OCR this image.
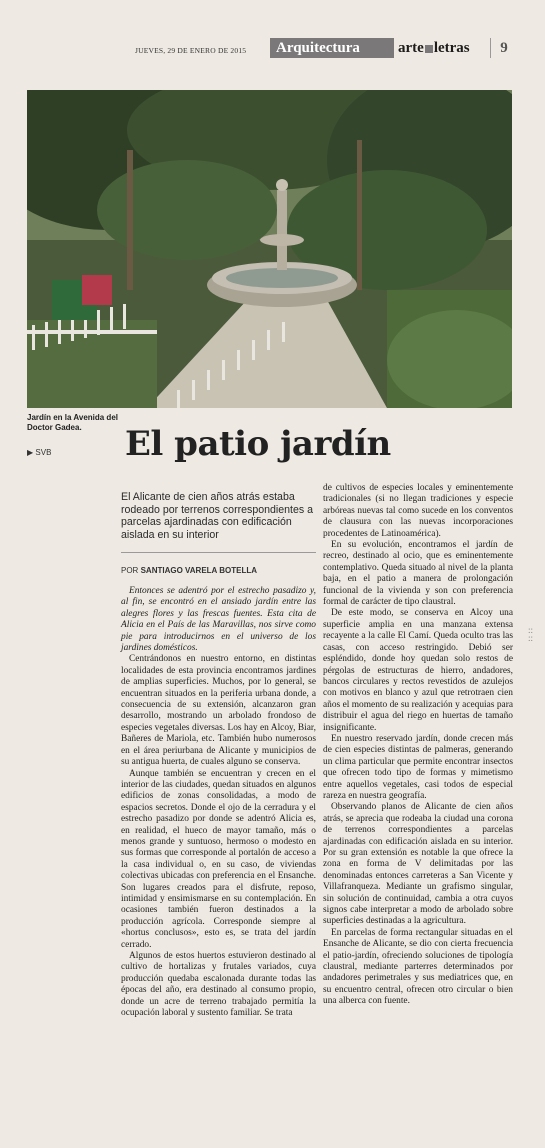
JUEVES, 29 DE ENERO DE 2015	Arquitectura	arte letras	9
Jardín en la Avenida del Doctor Gadea.
▶ SVB El patio jardín
El Alicante de cien años atrás estaba rodeado por terrenos correspondientes a parcelas ajardinadas con edificación aislada en su interior
POR SANTIAGO VARELA BOTELLA

Entonces se adentró por el estrecho pasadizo y, al fin, se encontró en el ansiado jardín entre las alegres flores y las frescas fuentes. Esta cita de Alicia en el País de las Maravillas, nos sirve como pie para introducirnos en el universo de los jardines domésticos.

Centrándonos en nuestro entorno, en distintas localidades de esta provincia encontramos jardines de amplias superficies. Muchos, por lo general, se encuentran situados en la periferia urbana donde, a consecuencia de su extensión, alcanzaron gran desarrollo, mostrando un arbolado frondoso de especies vegetales diversas. Los hay en Alcoy, Biar, Bañeres de Mariola, etc. También hubo numerosos en el área periurbana de Alicante y municipios de su antigua huerta, de cuales alguno se conserva.

Aunque también se encuentran y crecen en el interior de las ciudades, quedan situados en algunos edificios de zonas consolidadas, a modo de espacios secretos. Donde el ojo de la cerradura y el estrecho pasadizo por donde se adentró Alicia es, en realidad, el hueco de mayor tamaño, más o menos grande y suntuoso, hermoso o modesto en sus formas que corresponde al portalón de acceso a la casa individual o, en su caso, de viviendas colectivas ubicadas con preferencia en el Ensanche. Son lugares creados para el disfrute, reposo, intimidad y ensimismarse en su contemplación. En ocasiones también fueron destinados a la producción agrícola. Corresponde siempre al «hortus conclusos», esto es, se trata del jardín cerrado.

Algunos de estos huertos estuvieron destinado al cultivo de hortalizas y frutales variados, cuya producción quedaba escalonada durante todas las épocas del año, era destinado al consumo propio, donde un acre de terreno trabajado permitía la ocupación laboral y sustento familiar. Se trata

de cultivos de especies locales y eminentemente tradicionales (si no llegan tradiciones y especie arbóreas nuevas tal como sucede en los conventos de clausura con las nuevas incorporaciones procedentes de Latinoamérica).

En su evolución, encontramos el jardín de recreo, destinado al ocio, que es eminentemente contemplativo. Queda situado al nivel de la planta baja, en el patio a manera de prolongación funcional de la vivienda y son con preferencia formal de carácter de tipo claustral.

De este modo, se conserva en Alcoy una superficie amplia en una manzana extensa recayente a la calle El Camí. Queda oculto tras las casas, con acceso restringido. Debió ser espléndido, donde hoy quedan solo restos de pérgolas de estructuras de hierro, andadores, bancos circulares y rectos revestidos de azulejos con motivos en blanco y azul que retrotraen cien años el momento de su realización y acequias para distribuir el agua del riego en huertas de tamaño insignificante.

En nuestro reservado jardín, donde crecen más de cien especies distintas de palmeras, generando un clima particular que permite encontrar insectos que ofrecen todo tipo de formas y mimetismo entre aquellos vegetales, casi todos de especial rareza en nuestra geografía.

Observando planos de Alicante de cien años atrás, se aprecia que rodeaba la ciudad una corona de terrenos correspondientes a parcelas ajardinadas con edificación aislada en su interior. Por su gran extensión es notable la que ofrece la zona en forma de V delimitadas por las denominadas entonces carreteras a San Vicente y Villafranqueza. Mediante un grafismo singular, sin solución de continuidad, cambia a otra cuyos signos cabe interpretar a modo de arbolado sobre superficies destinadas a la agricultura.

En parcelas de forma rectangular situadas en el Ensanche de Alicante, se dio con cierta frecuencia el patio-jardín, ofreciendo soluciones de tipología claustral, mediante parterres determinados por andadores perimetrales y sus mediatrices que, en su encuentro central, ofrecen otro circular o bien una alberca con fuente.

::
::
